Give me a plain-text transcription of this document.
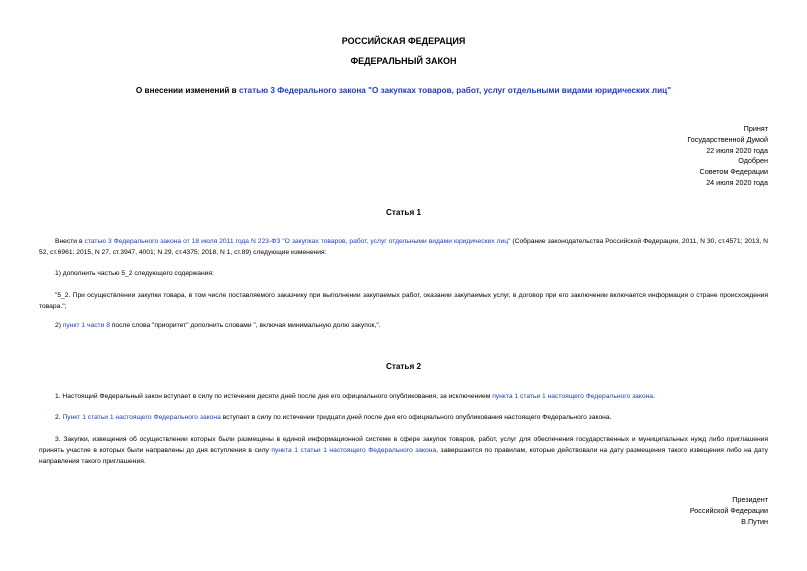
РОССИЙСКАЯ ФЕДЕРАЦИЯ
ФЕДЕРАЛЬНЫЙ ЗАКОН
О внесении изменений в статью 3 Федерального закона "О закупках товаров, работ, услуг отдельными видами юридических лиц"
Принят
Государственной Думой
22 июля 2020 года
Одобрен
Советом Федерации
24 июля 2020 года
Статья 1
Внести в статью 3 Федерального закона от 18 июля 2011 года N 223-ФЗ "О закупках товаров, работ, услуг отдельными видами юридических лиц" (Собрание законодательства Российской Федерации, 2011, N 30, ст.4571; 2013, N 52, ст.6961; 2015, N 27, ст.3947, 4001; N 29, ст.4375; 2018, N 1, ст.89) следующие изменения:
1) дополнить частью 5_2 следующего содержания:
"5_2. При осуществлении закупки товара, в том числе поставляемого заказчику при выполнении закупаемых работ, оказании закупаемых услуг, в договор при его заключении включается информация о стране происхождения товара.";
2) пункт 1 части 8 после слова "приоритет" дополнить словами ", включая минимальную долю закупок,".
Статья 2
1. Настоящий Федеральный закон вступает в силу по истечении десяти дней после дня его официального опубликования, за исключением пункта 1 статьи 1 настоящего Федерального закона.
2. Пункт 1 статьи 1 настоящего Федерального закона вступает в силу по истечении тридцати дней после дня его официального опубликования настоящего Федерального закона.
3. Закупки, извещения об осуществлении которых были размещены в единой информационной системе в сфере закупок товаров, работ, услуг для обеспечения государственных и муниципальных нужд либо приглашения принять участие в которых были направлены до дня вступления в силу пункта 1 статьи 1 настоящего Федерального закона, завершаются по правилам, которые действовали на дату размещения такого извещения либо на дату направления такого приглашения.
Президент
Российской Федерации
В.Путин
